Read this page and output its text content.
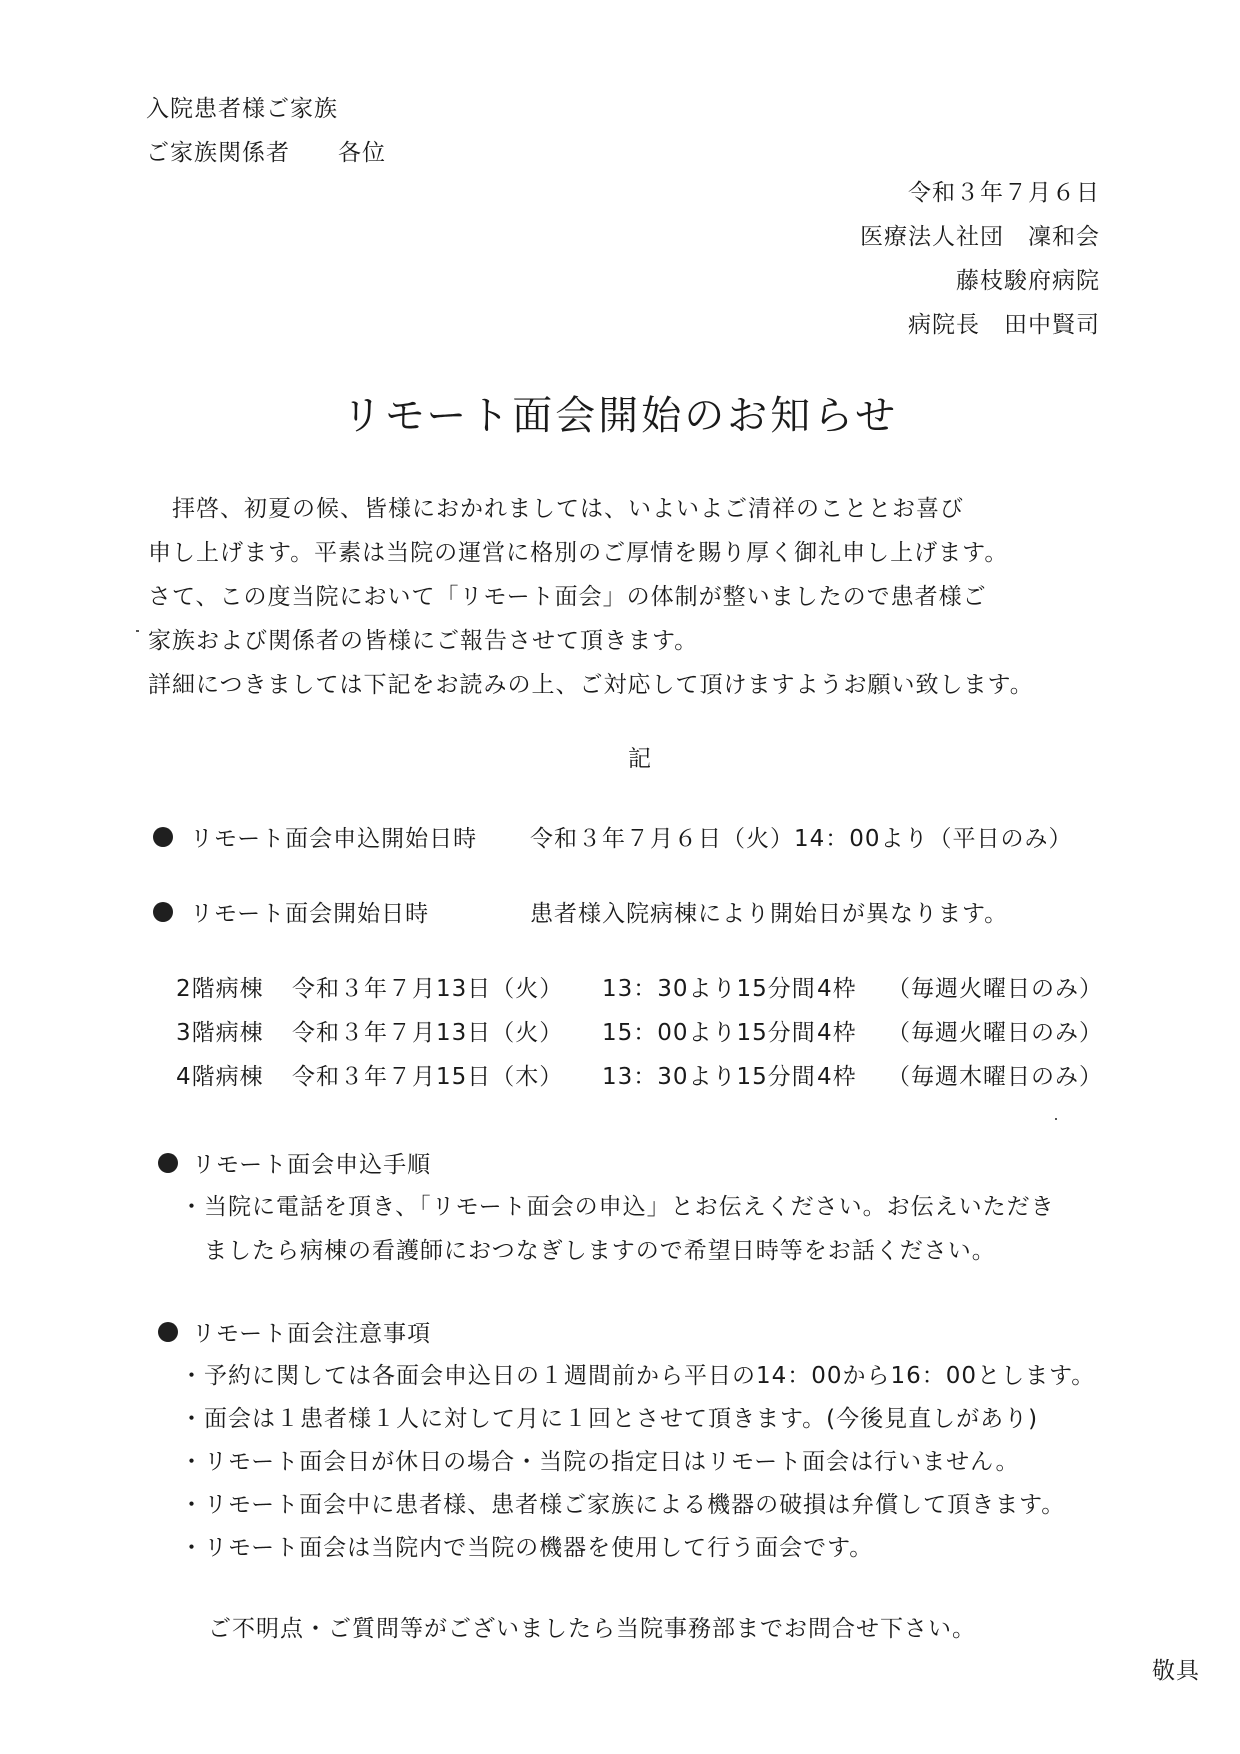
入院患者様ご家族
ご家族関係者　　各位
令和３年７月６日
医療法人社団　凜和会
藤枝駿府病院
病院長　田中賢司
リモート面会開始のお知らせ
　拝啓、初夏の候、皆様におかれましては、いよいよご清祥のこととお喜び
申し上げます。平素は当院の運営に格別のご厚情を賜り厚く御礼申し上げます。
さて、この度当院において「リモート面会」の体制が整いましたので患者様ご
家族および関係者の皆様にご報告させて頂きます。
詳細につきましては下記をお読みの上、ご対応して頂けますようお願い致します。
記
リモート面会申込開始日時 令和３年７月６日（火）14：00より（平日のみ）
リモート面会開始日時	患者様入院病棟により開始日が異なります。
2階病棟 令和３年７月13日（火） 13：30より15分間4枠 （毎週火曜日のみ）
3階病棟 令和３年７月13日（火） 15：00より15分間4枠 （毎週火曜日のみ）
4階病棟 令和３年７月15日（木） 13：30より15分間4枠 （毎週木曜日のみ）
リモート面会申込手順
・当院に電話を頂き、「リモート面会の申込」とお伝えください。お伝えいただき
　ましたら病棟の看護師におつなぎしますので希望日時等をお話ください。
リモート面会注意事項
・予約に関しては各面会申込日の１週間前から平日の14：00から16：00とします。
・面会は１患者様１人に対して月に１回とさせて頂きます。(今後見直しがあり)
・リモート面会日が休日の場合・当院の指定日はリモート面会は行いません。
・リモート面会中に患者様、患者様ご家族による機器の破損は弁償して頂きます。
・リモート面会は当院内で当院の機器を使用して行う面会です。
ご不明点・ご質問等がございましたら当院事務部までお問合せ下さい。
敬具
